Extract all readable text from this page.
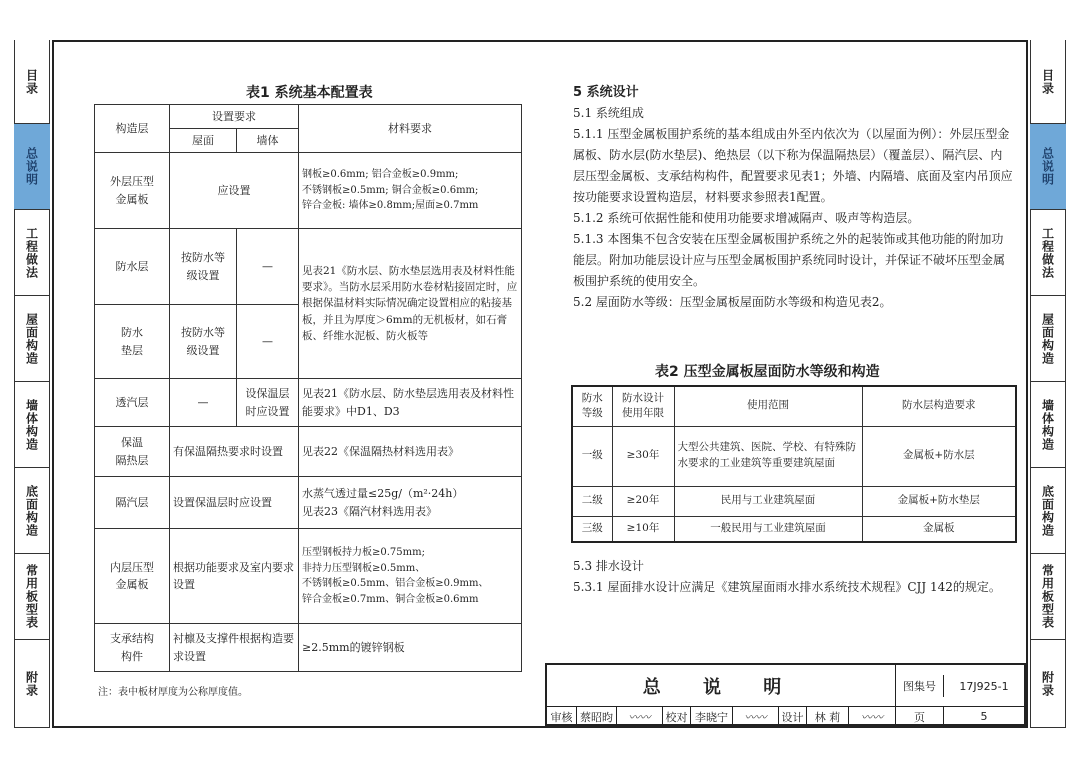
目录
总说明
工程做法
屋面构造
墙体构造
底面构造
常用板型表
附录
目录
总说明
工程做法
屋面构造
墙体构造
底面构造
常用板型表
附录
表1 系统基本配置表
构造层	设置要求		材料要求
	屋面	墙体	
外层压型
金属板	应设置		钢板≥0.6mm; 铝合金板≥0.9mm;
不锈钢板≥0.5mm; 铜合金板≥0.6mm;
锌合金板: 墙体≥0.8mm;屋面≥0.7mm
防水层	按防水等
级设置	—	见表21《防水层、防水垫层选用表及材料性能要求》。当防水层采用防水卷材粘接固定时，应根据保温材料实际情况确定设置相应的粘接基板，并且为厚度＞6mm的无机板材，如石膏板、纤维水泥板、防火板等
防水
垫层	按防水等
级设置	—	
透汽层	—	设保温层
时应设置	见表21《防水层、防水垫层选用表及材料性能要求》中D1、D3
保温
隔热层	有保温隔热要求时设置		见表22《保温隔热材料选用表》
隔汽层	设置保温层时应设置		水蒸气透过量≤25g/（m²·24h）
见表23《隔汽材料选用表》
内层压型
金属板	根据功能要求及室内要求设置		压型钢板持力板≥0.75mm;
非持力压型钢板≥0.5mm、
不锈钢板≥0.5mm、铝合金板≥0.9mm、
锌合金板≥0.7mm、铜合金板≥0.6mm
支承结构
构件	衬檩及支撑件根据构造要求设置		≥2.5mm的镀锌钢板
注：表中板材厚度为公称厚度值。

5 系统设计

5.1 系统组成

5.1.1 压型金属板围护系统的基本组成由外至内依次为（以屋面为例）：外层压型金属板、防水层(防水垫层)、绝热层（以下称为保温隔热层）（覆盖层）、隔汽层、内层压型金属板、支承结构构件，配置要求见表1；外墙、内隔墙、底面及室内吊顶应按功能要求设置构造层，材料要求参照表1配置。

5.1.2 系统可依据性能和使用功能要求增减隔声、吸声等构造层。

5.1.3 本图集不包含安装在压型金属板围护系统之外的起装饰或其他功能的附加功能层。附加功能层设计应与压型金属板围护系统同时设计，并保证不破坏压型金属板围护系统的使用安全。

5.2 屋面防水等级：压型金属板屋面防水等级和构造见表2。

表2 压型金属板屋面防水等级和构造
防水
等级	防水设计
使用年限	使用范围	防水层构造要求
一级	≥30年	大型公共建筑、医院、学校、有特殊防水要求的工业建筑等重要建筑屋面	金属板+防水层
二级	≥20年	民用与工业建筑屋面	金属板+防水垫层
三级	≥10年	一般民用与工业建筑屋面	金属板

5.3 排水设计

5.3.1 屋面排水设计应满足《建筑屋面雨水排水系统技术规程》CJJ 142的规定。

总 说 明	图集号	17J925-1
审核 蔡昭昀	〰〰	校对 李晓宁	〰〰	设计	林 莉	〰〰	页	5
